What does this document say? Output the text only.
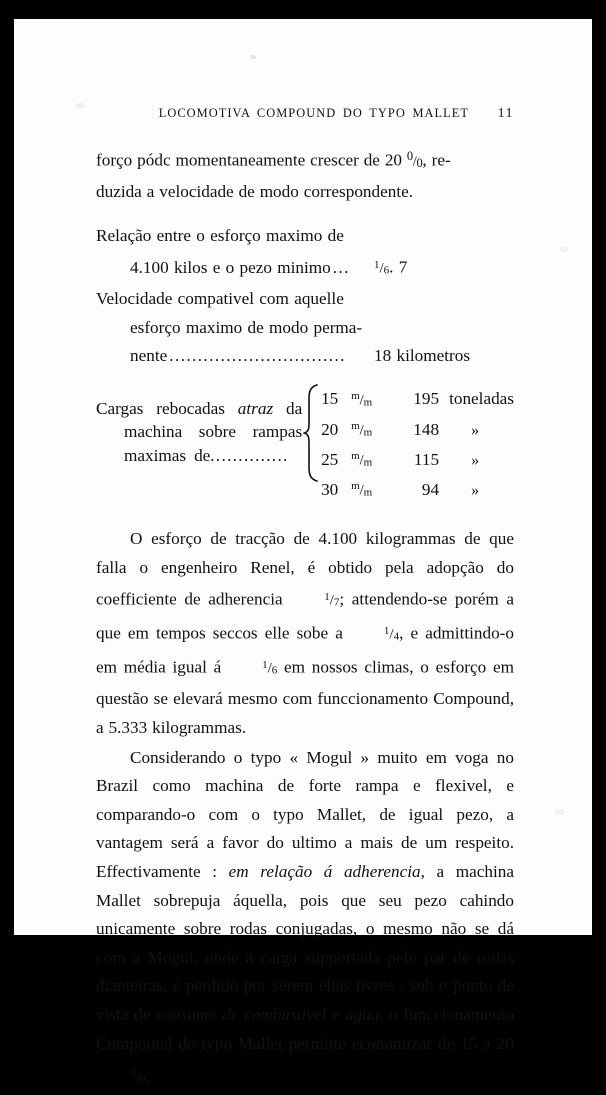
LOCOMOTIVA COMPOUND DO TYPO MALLET	11

forço pódc momentaneamente crescer de 20 0/0, re-
duzida a velocidade de modo correspondente.

Relação entre o esforço maximo de
4.100 kilos e o pezo minimo ...	$^1$/6. 7
Velocidade compativel com aquelle
esforço maximo de modo perma-
nente ...............................	18 kilometros
Cargas rebocadas atraz da
machina sobre rampas
maximas de ..............
15	m/m	195 toneladas
20	m/m	148	»
25	m/m	115	»
30	m/m	94	»

O esforço de tracção de 4.100 kilogrammas de que falla o engenheiro Renel, é obtido pela adopção do coefficiente de adherencia	$^1$/7; attendendo-se porém a que em tempos seccos elle sobe a	$^1$/4, e admittindo-o em média igual á	$^1$/6 em nossos climas, o esforço em questão se elevará mesmo com funccionamento Compound, a 5.333 kilogrammas.

Considerando o typo « Mogul » muito em voga no Brazil como machina de forte rampa e flexivel, e comparando-o com o typo Mallet, de igual pezo, a vantagem será a favor do ultimo a mais de um respeito. Effectivamente : em relação á adherencia, a machina Mallet sobrepuja áquella, pois que seu pezo cahindo unicamente sobre rodas conjugadas, o mesmo não se dá com a Mogul, onde a carga supportada pelo par de rodas dianteiras, é perdido por serem ellas livres ; sob o ponto de vista de consumo de combustivel e agua, o funccionamento Compound do typo Mallet permitte economizar de 15 a 20 0/0;
